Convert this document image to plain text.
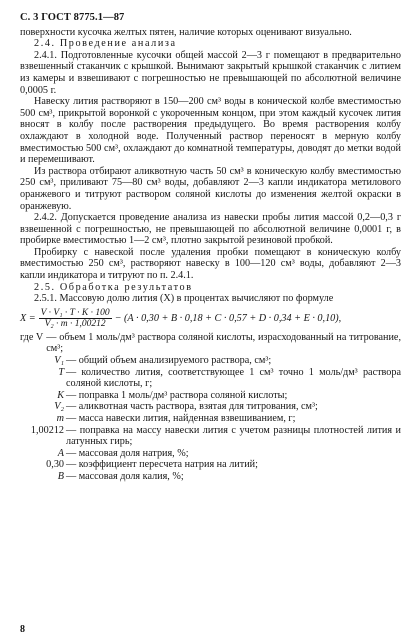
С. 3 ГОСТ 8775.1—87

поверхности кусочка желтых пятен, наличие которых оценивают визуально.

2.4. Проведение анализа

2.4.1. Подготовленные кусочки общей массой 2—3 г помещают в предварительно взвешенный стаканчик с крышкой. Вынимают закрытый крышкой стаканчик с литием из камеры и взвешивают с погрешностью не превышающей по абсолютной величине 0,0005 г.

Навеску лития растворяют в 150—200 см³ воды в конической колбе вместимостью 500 см³, прикрытой воронкой с укороченным концом, при этом каждый кусочек лития вносят в колбу после растворения предыдущего. Во время растворения колбу охлаждают в холодной воде. Полученный раствор переносят в мерную колбу вместимостью 500 см³, охлаждают до комнатной температуры, доводят до метки водой и перемешивают.

Из раствора отбирают аликвотную часть 50 см³ в коническую колбу вместимостью 250 см³, приливают 75—80 см³ воды, добавляют 2—3 капли индикатора метилового оранжевого и титруют раствором соляной кислоты до изменения желтой окраски в оранжевую.

2.4.2. Допускается проведение анализа из навески пробы лития массой 0,2—0,3 г взвешенной с погрешностью, не превышающей по абсолютной величине 0,0001 г, в пробирке вместимостью 1—2 см³, плотно закрытой резиновой пробкой.

Пробирку с навеской после удаления пробки помещают в коническую колбу вместимостью 250 см³, растворяют навеску в 100—120 см³ воды, добавляют 2—3 капли индикатора и титруют по п. 2.4.1.

2.5. Обработка результатов

2.5.1. Массовую долю лития (X) в процентах вычисляют по формуле

$X = \frac{\text{V · V₁ · T · K · 100}}{\text{V₂ · m · 1,00212}} - (A \cdot 0,30 + B \cdot 0,18 + C \cdot 0,57 + D \cdot 0,34 + E \cdot 0,10)$,
где V — объем 1 моль/дм³ раствора соляной кислоты, израсходованный на титрование, см³;
V₁ — общий объем анализируемого раствора, см³;
T — количество лития, соответствующее 1 см³ точно 1 моль/дм³ раствора соляной кислоты, г;
K — поправка 1 моль/дм³ раствора соляной кислоты;
V₂ — аликвотная часть раствора, взятая для титрования, см³;
m — масса навески лития, найденная взвешиванием, г;
1,00212 — поправка на массу навески лития с учетом разницы плотностей лития и латунных гирь;
A — массовая доля натрия, %;
0,30 — коэффициент пересчета натрия на литий;
B — массовая доля калия, %;
8
